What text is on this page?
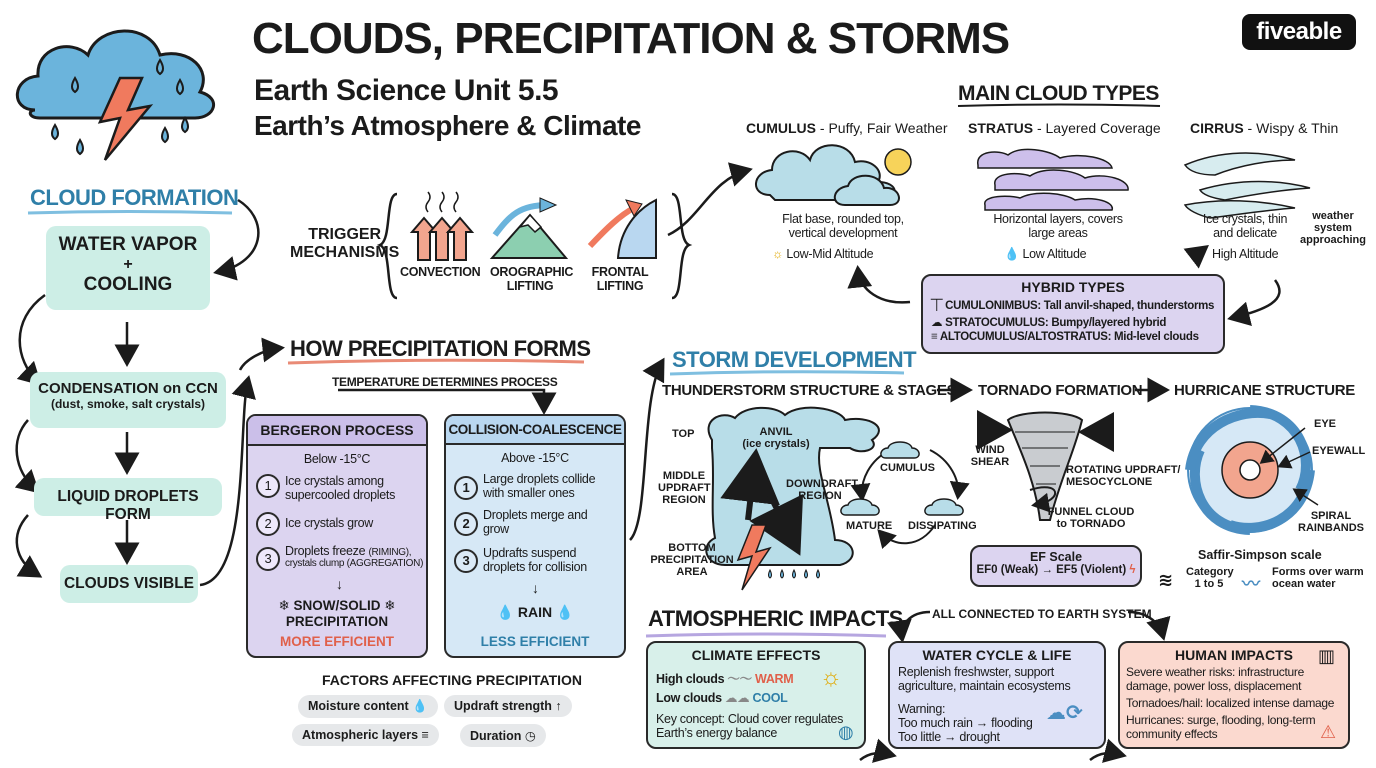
CLOUDS, PRECIPITATION & STORMS
Earth Science Unit 5.5
Earth’s Atmosphere & Climate
fiveable
CLOUD FORMATION
WATER VAPOR
+
COOLING
CONDENSATION on CCN
(dust, smoke, salt crystals)
LIQUID DROPLETS FORM
CLOUDS VISIBLE
TRIGGER
MECHANISMS
CONVECTION OROGRAPHIC
LIFTING
FRONTAL
LIFTING
MAIN CLOUD TYPES
CUMULUS - Puffy, Fair Weather
Flat base, rounded top,
vertical development
☼ Low-Mid Altitude
STRATUS - Layered Coverage
Horizontal layers, covers
large areas
💧 Low Altitude
CIRRUS - Wispy & Thin
Ice crystals, thin
and delicate
High Altitude
weather
system
approaching
HYBRID TYPES
⏉ CUMULONIMBUS: Tall anvil-shaped, thunderstorms
☁ STRATOCUMULUS: Bumpy/layered hybrid
≡ ALTOCUMULUS/ALTOSTRATUS: Mid-level clouds
HOW PRECIPITATION FORMS
TEMPERATURE DETERMINES PROCESS
BERGERON PROCESS
Below -15°C
1	Ice crystals among
supercooled droplets
2	Ice crystals grow
3	Droplets freeze (RIMING),
crystals clump (AGGREGATION)
↓
❄ SNOW/SOLID ❄
PRECIPITATION
MORE EFFICIENT
COLLISION-COALESCENCE
Above -15°C
1
Large droplets collide
with smaller ones
2
Droplets merge and
grow
3	Updrafts suspend
droplets for collision
↓
💧 RAIN 💧
LESS EFFICIENT
FACTORS AFFECTING PRECIPITATION
Moisture content 💧	Updraft strength ↑
Atmospheric layers ≡	Duration ◷
STORM DEVELOPMENT
THUNDERSTORM STRUCTURE & STAGES TORNADO FORMATION HURRICANE STRUCTURE
TOP	ANVIL
(ice crystals)
MIDDLE
UPDRAFT
REGION
DOWNDRAFT
REGION
BOTTOM
PRECIPITATION
AREA
CUMULUS
MATURE DISSIPATING
WIND
SHEAR
ROTATING UPDRAFT/
MESOCYCLONE
FUNNEL CLOUD
to TORNADO
EF Scale
EF0 (Weak) → EF5 (Violent) ϟ
EYE
EYEWALL
SPIRAL
RAINBANDS
Saffir-Simpson scale
≋ Category
1 to 5	〰
Forms over warm
ocean water
ATMOSPHERIC IMPACTS ALL CONNECTED TO EARTH SYSTEM
CLIMATE EFFECTS
High clouds 〜〜 WARM ☼
Low clouds ☁☁ COOL
Key concept: Cloud cover regulates
Earth’s energy balance	◍
WATER CYCLE & LIFE
Replenish freshwster, support
agriculture, maintain ecosystems
Warning:
Too much rain → flooding
Too little → drought
☁⟳
HUMAN IMPACTS	▥
Severe weather risks: infrastructure
damage, power loss, displacement
Tornadoes/hail: localized intense damage
Hurricanes: surge, flooding, long-term
community effects	⚠
